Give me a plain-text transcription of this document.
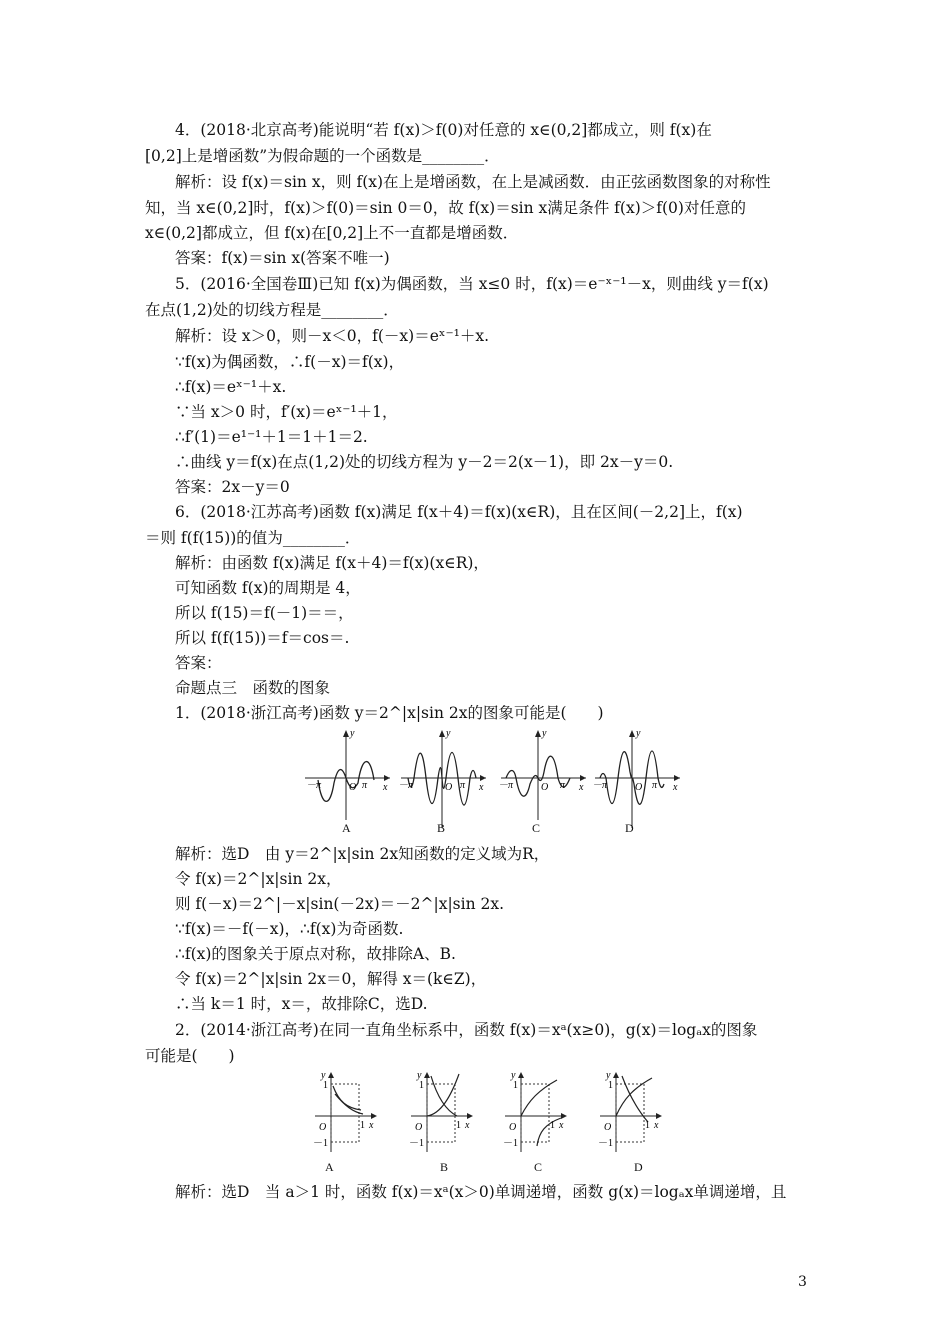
4．(2018·北京高考)能说明“若 f(x)＞f(0)对任意的 x∈(0,2]都成立，则 f(x)在
[0,2]上是增函数”为假命题的一个函数是________．
解析：设 f(x)＝sin x，则 f(x)在上是增函数，在上是减函数．由正弦函数图象的对称性
知，当 x∈(0,2]时，f(x)＞f(0)＝sin 0＝0，故 f(x)＝sin x满足条件 f(x)＞f(0)对任意的
x∈(0,2]都成立，但 f(x)在[0,2]上不一直都是增函数．
答案：f(x)＝sin x(答案不唯一)
5．(2016·全国卷Ⅲ)已知 f(x)为偶函数，当 x≤0 时，f(x)＝e⁻ˣ⁻¹－x，则曲线 y＝f(x)
在点(1,2)处的切线方程是________．
解析：设 x＞0，则－x＜0，f(－x)＝eˣ⁻¹＋x.
∵f(x)为偶函数，∴f(－x)＝f(x)，
∴f(x)＝eˣ⁻¹＋x.
∵当 x＞0 时，f′(x)＝eˣ⁻¹＋1，
∴f′(1)＝e¹⁻¹＋1＝1＋1＝2.
∴曲线 y＝f(x)在点(1,2)处的切线方程为 y－2＝2(x－1)，即 2x－y＝0.
答案：2x－y＝0
6．(2018·江苏高考)函数 f(x)满足 f(x＋4)＝f(x)(x∈R)，且在区间(－2,2]上，f(x)
＝则 f(f(15))的值为________．
解析：由函数 f(x)满足 f(x＋4)＝f(x)(x∈R)，
可知函数 f(x)的周期是 4，
所以 f(15)＝f(－1)＝＝，
所以 f(f(15))＝f＝cos＝.
答案：
命题点三　函数的图象
1．(2018·浙江高考)函数 y＝2^|x|sin 2x的图象可能是(　　)
y
O
－π	π x
y
O
－π	π x
y
O
－π	π x
y
O
－π	π x
A	B	C	D
解析：选D　由 y＝2^|x|sin 2x知函数的定义域为R，
令 f(x)＝2^|x|sin 2x，
则 f(－x)＝2^|－x|sin(－2x)＝－2^|x|sin 2x.
∵f(x)＝－f(－x)，∴f(x)为奇函数.
∴f(x)的图象关于原点对称，故排除A、B.
令 f(x)＝2^|x|sin 2x＝0，解得 x＝(k∈Z)，
∴当 k＝1 时，x＝，故排除C，选D.
2．(2014·浙江高考)在同一直角坐标系中，函数 f(x)＝xᵃ(x≥0)，g(x)＝logₐx的图象
可能是(　　)
y
1
O
－1
1 x
y
1
O
－1
1 x
y
1
O
－1
1 x
y
1
O
－1
1 x
A	B	C	D
解析：选D　当 a＞1 时，函数 f(x)＝xᵃ(x＞0)单调递增，函数 g(x)＝logₐx单调递增，且
3
